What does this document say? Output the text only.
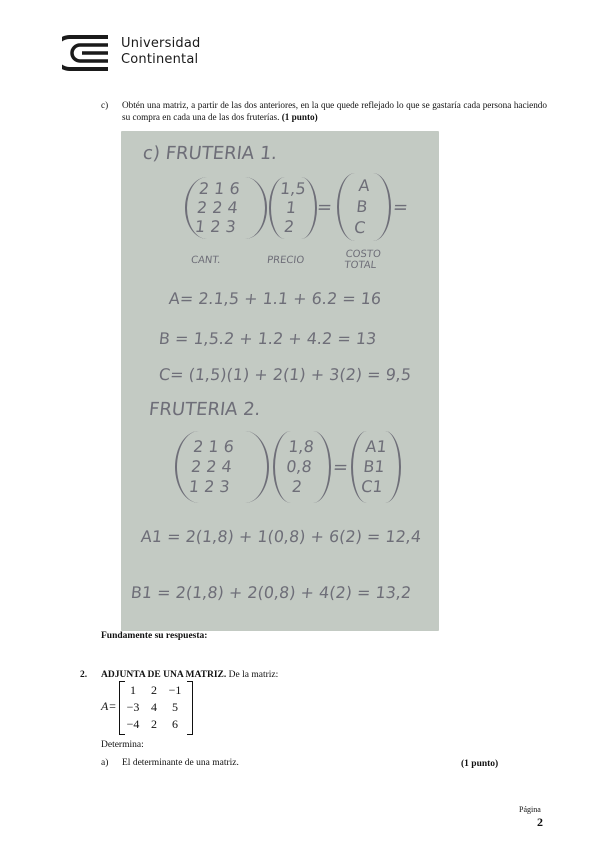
Universidad
Continental
c) Obtén una matriz, a partir de las dos anteriores, en la que quede reflejado lo que se gastaría cada persona haciendo su compra en cada una de las dos fruterías. (1 punto)
c) FRUTERIA 1.
2 1 6
2 2 4
1 2 3
1,5
1
2
=
A
B
C
=
CANT.	PRECIO
COSTO TOTAL
A= 2.1,5 + 1.1 + 6.2 = 16
B = 1,5.2 + 1.2 + 4.2 = 13
C= (1,5)(1) + 2(1) + 3(2) = 9,5
FRUTERIA 2.
2 1 6
2 2 4
1 2 3
1,8
0,8
2
=
A1
B1
C1
A1 = 2(1,8) + 1(0,8) + 6(2) = 12,4
B1 = 2(1,8) + 2(0,8) + 4(2) = 13,2
Fundamente su respuesta:
2. ADJUNTA DE UNA MATRIZ. De la matriz:
A=
1	2 −1
−3 4	5
−4 2	6
Determina:
a) El determinante de una matriz.	(1 punto)
Página
2
